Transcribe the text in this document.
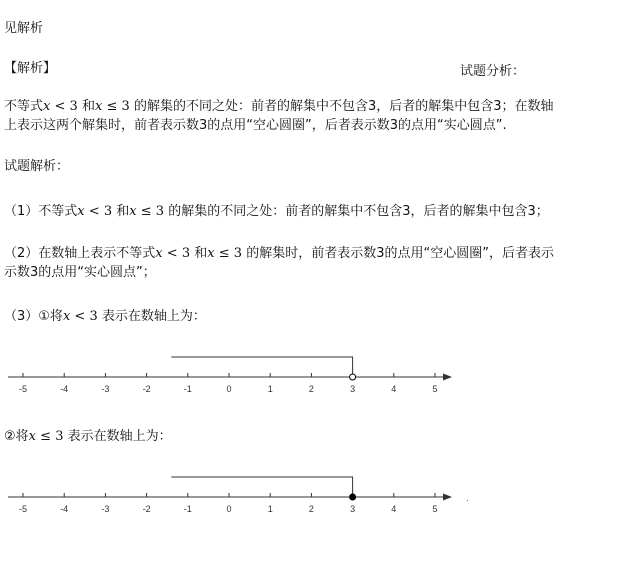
见解析
【解析】	试题分析：
不等式x < 3 和x ≤ 3 的解集的不同之处：前者的解集中不包含3，后者的解集中包含3；在数轴
上表示这两个解集时，前者表示数3的点用“空心圆圈”，后者表示数3的点用“实心圆点”.
试题解析：
（1）不等式x < 3 和x ≤ 3 的解集的不同之处：前者的解集中不包含3，后者的解集中包含3；
（2）在数轴上表示不等式x < 3 和x ≤ 3 的解集时，前者表示数3的点用“空心圆圈”，后者表示
示数3的点用“实心圆点”；
（3）①将x < 3 表示在数轴上为：
-5	-4	-3	-2	-1	0	1	2	3	4	5
②将x ≤ 3 表示在数轴上为：
-5	-4	-3	-2	-1	0	1	2	3	4	5
.
